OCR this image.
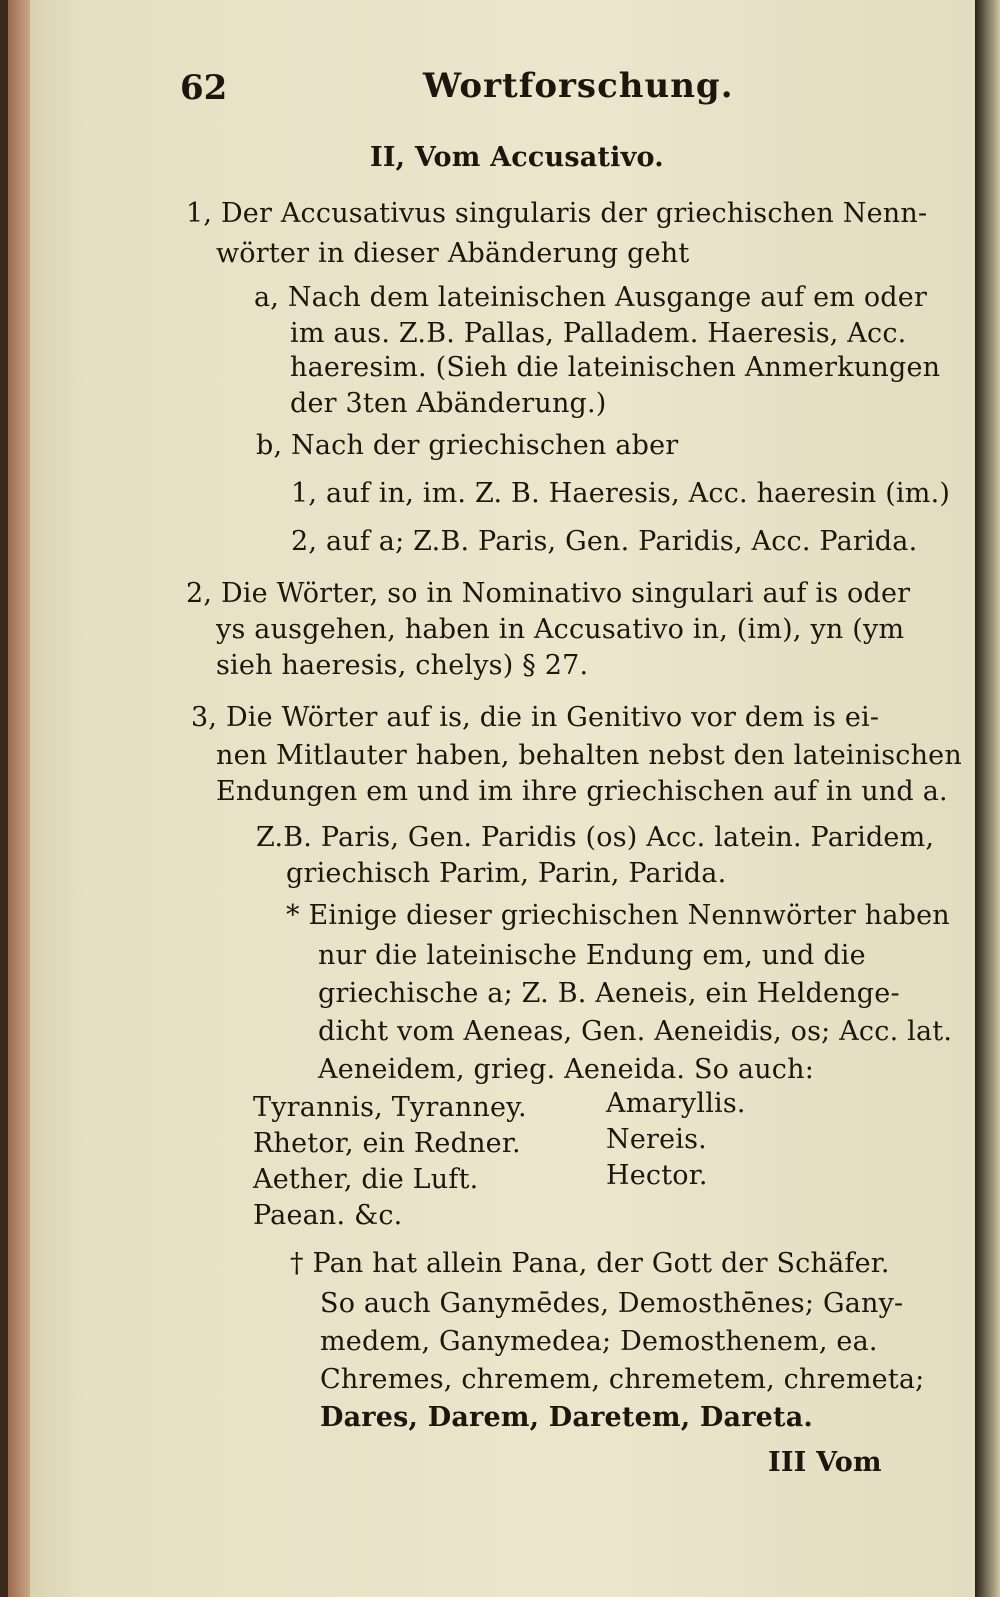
62	Wortforschung.
II, Vom Accusativo.
1, Der Accusativus singularis der griechischen Nenn-
wörter in dieser Abänderung geht
a, Nach dem lateinischen Ausgange auf em oder
im aus. Z.B. Pallas, Palladem. Haeresis, Acc.
haeresim. (Sieh die lateinischen Anmerkungen
der 3ten Abänderung.)
b, Nach der griechischen aber
1, auf in, im. Z. B. Haeresis, Acc. haeresin (im.)
2, auf a; Z.B. Paris, Gen. Paridis, Acc. Parida.
2, Die Wörter, so in Nominativo singulari auf is oder
ys ausgehen, haben in Accusativo in, (im), yn (ym
sieh haeresis, chelys) § 27.
3, Die Wörter auf is, die in Genitivo vor dem is ei-
nen Mitlauter haben, behalten nebst den lateinischen
Endungen em und im ihre griechischen auf in und a.
Z.B. Paris, Gen. Paridis (os) Acc. latein. Paridem,
griechisch Parim, Parin, Parida.
* Einige dieser griechischen Nennwörter haben
nur die lateinische Endung em, und die
griechische a; Z. B. Aeneis, ein Heldenge-
dicht vom Aeneas, Gen. Aeneidis, os; Acc. lat.
Aeneidem, grieg. Aeneida. So auch:
Tyrannis, Tyranney.
Rhetor, ein Redner.
Aether, die Luft.
Paean. &c.
Amaryllis.
Nereis.
Hector.
† Pan hat allein Pana, der Gott der Schäfer.
So auch Ganymēdes, Demosthēnes; Gany-
medem, Ganymedea; Demosthenem, ea.
Chremes, chremem, chremetem, chremeta;
Dares, Darem, Daretem, Dareta.
III Vom
